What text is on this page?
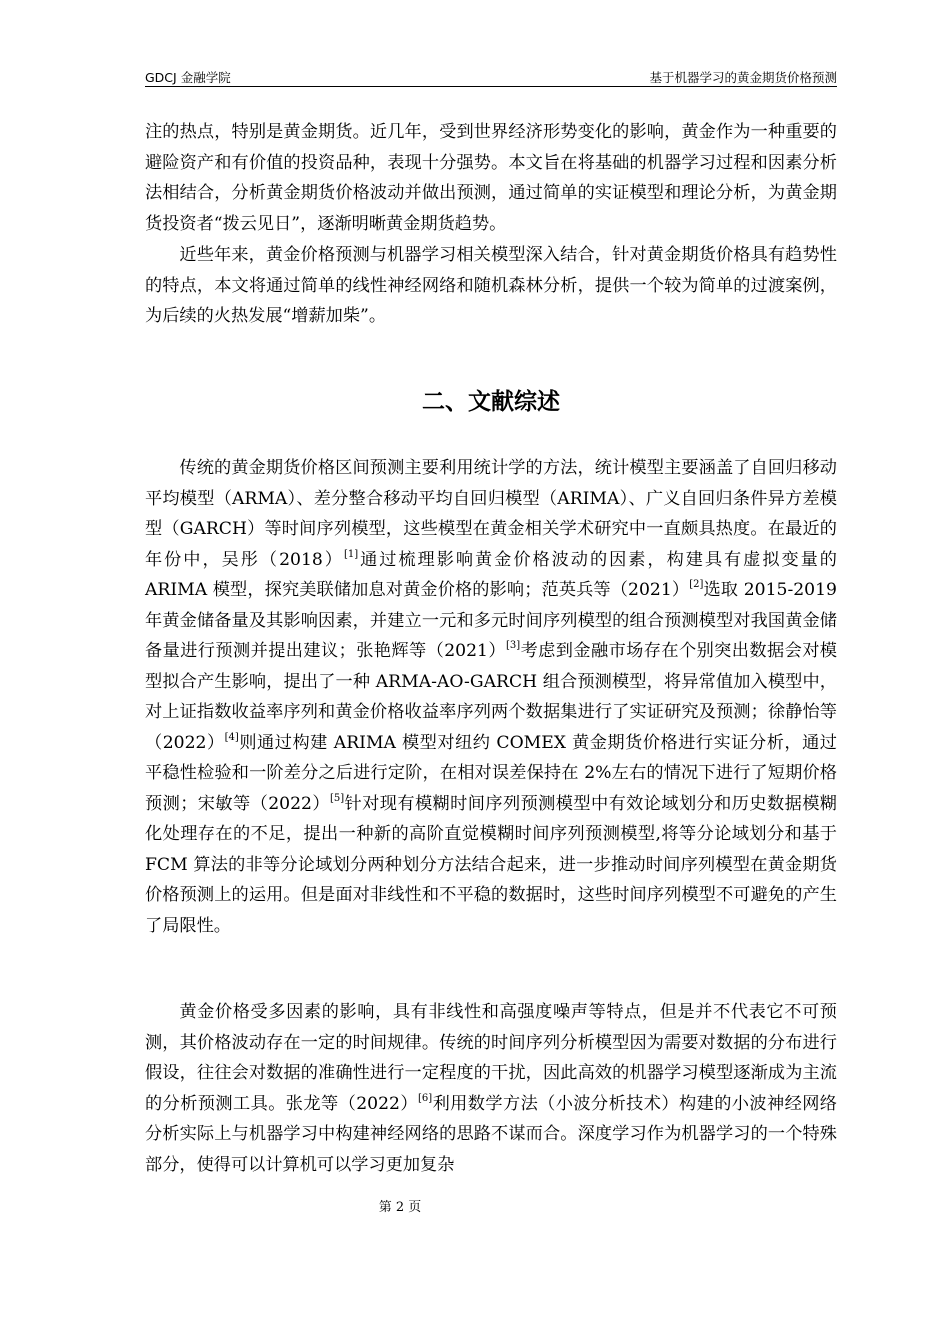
GDCJ 金融学院	基于机器学习的黄金期货价格预测

注的热点，特别是黄金期货。近几年，受到世界经济形势变化的影响，黄金作为一种重要的避险资产和有价值的投资品种，表现十分强势。本文旨在将基础的机器学习过程和因素分析法相结合，分析黄金期货价格波动并做出预测，通过简单的实证模型和理论分析，为黄金期货投资者“拨云见日”，逐渐明晰黄金期货趋势。

近些年来，黄金价格预测与机器学习相关模型深入结合，针对黄金期货价格具有趋势性的特点，本文将通过简单的线性神经网络和随机森林分析，提供一个较为简单的过渡案例，为后续的火热发展“增薪加柴”。

二、文献综述

传统的黄金期货价格区间预测主要利用统计学的方法，统计模型主要涵盖了自回归移动平均模型（ARMA）、差分整合移动平均自回归模型（ARIMA）、广义自回归条件异方差模型（GARCH）等时间序列模型，这些模型在黄金相关学术研究中一直颇具热度。在最近的年份中，吴彤（2018）[1]通过梳理影响黄金价格波动的因素，构建具有虚拟变量的 ARIMA 模型，探究美联储加息对黄金价格的影响；范英兵等（2021）[2]选取 2015-2019 年黄金储备量及其影响因素，并建立一元和多元时间序列模型的组合预测模型对我国黄金储备量进行预测并提出建议；张艳辉等（2021）[3]考虑到金融市场存在个别突出数据会对模型拟合产生影响，提出了一种 ARMA-AO-GARCH 组合预测模型，将异常值加入模型中，对上证指数收益率序列和黄金价格收益率序列两个数据集进行了实证研究及预测；徐静怡等（2022）[4]则通过构建 ARIMA 模型对纽约 COMEX 黄金期货价格进行实证分析，通过平稳性检验和一阶差分之后进行定阶，在相对误差保持在 2%左右的情况下进行了短期价格预测；宋敏等（2022）[5]针对现有模糊时间序列预测模型中有效论域划分和历史数据模糊化处理存在的不足，提出一种新的高阶直觉模糊时间序列预测模型,将等分论域划分和基于 FCM 算法的非等分论域划分两种划分方法结合起来，进一步推动时间序列模型在黄金期货价格预测上的运用。但是面对非线性和不平稳的数据时，这些时间序列模型不可避免的产生了局限性。

黄金价格受多因素的影响，具有非线性和高强度噪声等特点，但是并不代表它不可预测，其价格波动存在一定的时间规律。传统的时间序列分析模型因为需要对数据的分布进行假设，往往会对数据的准确性进行一定程度的干扰，因此高效的机器学习模型逐渐成为主流的分析预测工具。张龙等（2022）[6]利用数学方法（小波分析技术）构建的小波神经网络分析实际上与机器学习中构建神经网络的思路不谋而合。深度学习作为机器学习的一个特殊部分，使得可以计算机可以学习更加复杂

第 2 页
